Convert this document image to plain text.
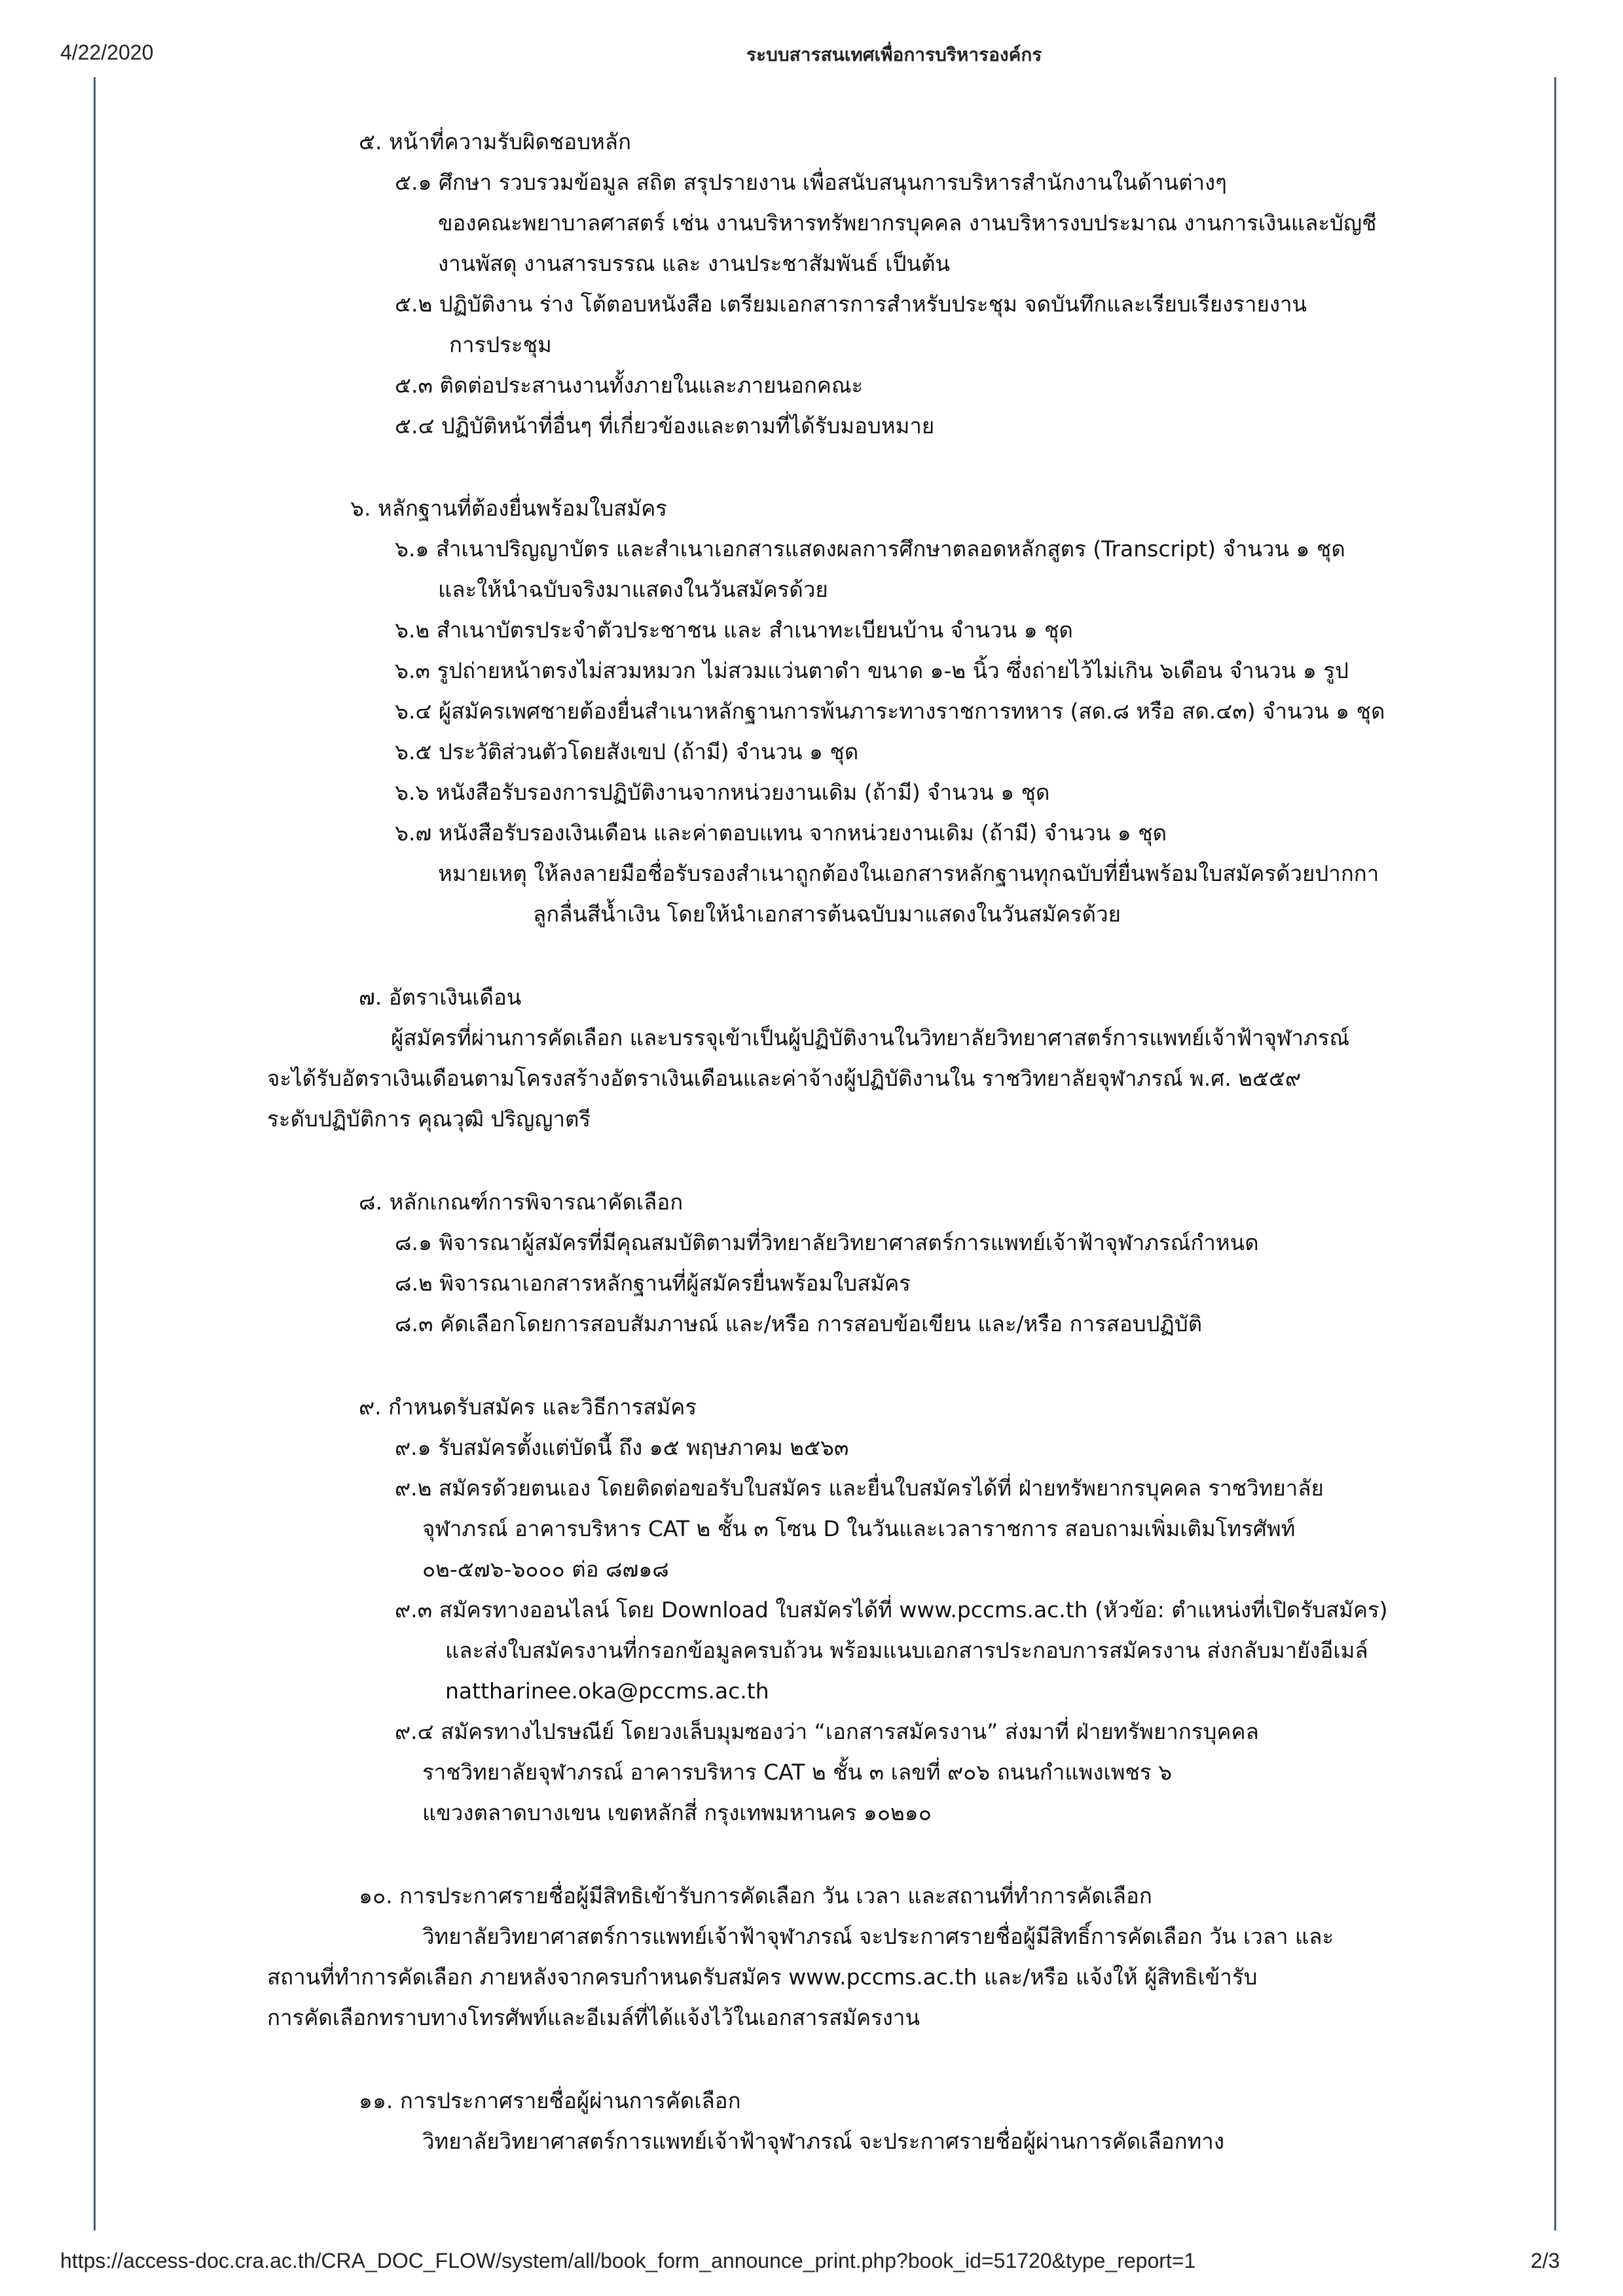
4/22/2020	ระบบสารสนเทศเพื่อการบริหารองค์กร
๕. หน้าที่ความรับผิดชอบหลัก
๕.๑ ศึกษา รวบรวมข้อมูล สถิต สรุปรายงาน เพื่อสนับสนุนการบริหารสำนักงานในด้านต่างๆ
ของคณะพยาบาลศาสตร์ เช่น งานบริหารทรัพยากรบุคคล งานบริหารงบประมาณ งานการเงินและบัญชี
งานพัสดุ งานสารบรรณ และ งานประชาสัมพันธ์ เป็นต้น
๕.๒ ปฏิบัติงาน ร่าง โต้ตอบหนังสือ เตรียมเอกสารการสำหรับประชุม จดบันทึกและเรียบเรียงรายงาน
การประชุม
๕.๓ ติดต่อประสานงานทั้งภายในและภายนอกคณะ
๕.๔ ปฏิบัติหน้าที่อื่นๆ ที่เกี่ยวข้องและตามที่ได้รับมอบหมาย
๖. หลักฐานที่ต้องยื่นพร้อมใบสมัคร
๖.๑ สำเนาปริญญาบัตร และสำเนาเอกสารแสดงผลการศึกษาตลอดหลักสูตร (Transcript) จำนวน ๑ ชุด
และให้นำฉบับจริงมาแสดงในวันสมัครด้วย
๖.๒ สำเนาบัตรประจำตัวประชาชน และ สำเนาทะเบียนบ้าน จำนวน ๑ ชุด
๖.๓ รูปถ่ายหน้าตรงไม่สวมหมวก ไม่สวมแว่นตาดำ ขนาด ๑-๒ นิ้ว ซึ่งถ่ายไว้ไม่เกิน ๖เดือน จำนวน ๑ รูป
๖.๔ ผู้สมัครเพศชายต้องยื่นสำเนาหลักฐานการพ้นภาระทางราชการทหาร (สด.๘ หรือ สด.๔๓) จำนวน ๑ ชุด
๖.๕ ประวัติส่วนตัวโดยสังเขป (ถ้ามี) จำนวน ๑ ชุด
๖.๖ หนังสือรับรองการปฏิบัติงานจากหน่วยงานเดิม (ถ้ามี) จำนวน ๑ ชุด
๖.๗ หนังสือรับรองเงินเดือน และค่าตอบแทน จากหน่วยงานเดิม (ถ้ามี) จำนวน ๑ ชุด
หมายเหตุ ให้ลงลายมือชื่อรับรองสำเนาถูกต้องในเอกสารหลักฐานทุกฉบับที่ยื่นพร้อมใบสมัครด้วยปากกา
ลูกลื่นสีน้ำเงิน โดยให้นำเอกสารต้นฉบับมาแสดงในวันสมัครด้วย
๗. อัตราเงินเดือน
ผู้สมัครที่ผ่านการคัดเลือก และบรรจุเข้าเป็นผู้ปฏิบัติงานในวิทยาลัยวิทยาศาสตร์การแพทย์เจ้าฟ้าจุฬาภรณ์
จะได้รับอัตราเงินเดือนตามโครงสร้างอัตราเงินเดือนและค่าจ้างผู้ปฏิบัติงานใน ราชวิทยาลัยจุฬาภรณ์ พ.ศ. ๒๕๕๙
ระดับปฏิบัติการ คุณวุฒิ ปริญญาตรี
๘. หลักเกณฑ์การพิจารณาคัดเลือก
๘.๑ พิจารณาผู้สมัครที่มีคุณสมบัติตามที่วิทยาลัยวิทยาศาสตร์การแพทย์เจ้าฟ้าจุฬาภรณ์กำหนด
๘.๒ พิจารณาเอกสารหลักฐานที่ผู้สมัครยื่นพร้อมใบสมัคร
๘.๓ คัดเลือกโดยการสอบสัมภาษณ์ และ/หรือ การสอบข้อเขียน และ/หรือ การสอบปฏิบัติ
๙. กำหนดรับสมัคร และวิธีการสมัคร
๙.๑ รับสมัครตั้งแต่บัดนี้ ถึง ๑๕ พฤษภาคม ๒๕๖๓
๙.๒ สมัครด้วยตนเอง โดยติดต่อขอรับใบสมัคร และยื่นใบสมัครได้ที่ ฝ่ายทรัพยากรบุคคล ราชวิทยาลัย
จุฬาภรณ์ อาคารบริหาร CAT ๒ ชั้น ๓ โซน D ในวันและเวลาราชการ สอบถามเพิ่มเติมโทรศัพท์
๐๒-๕๗๖-๖๐๐๐ ต่อ ๘๗๑๘
๙.๓ สมัครทางออนไลน์ โดย Download ใบสมัครได้ที่ www.pccms.ac.th (หัวข้อ: ตำแหน่งที่เปิดรับสมัคร)
และส่งใบสมัครงานที่กรอกข้อมูลครบถ้วน พร้อมแนบเอกสารประกอบการสมัครงาน ส่งกลับมายังอีเมล์
nattharinee.oka@pccms.ac.th
๙.๔ สมัครทางไปรษณีย์ โดยวงเล็บมุมซองว่า “เอกสารสมัครงาน” ส่งมาที่ ฝ่ายทรัพยากรบุคคล
ราชวิทยาลัยจุฬาภรณ์ อาคารบริหาร CAT ๒ ชั้น ๓ เลขที่ ๙๐๖ ถนนกำแพงเพชร ๖
แขวงตลาดบางเขน เขตหลักสี่ กรุงเทพมหานคร ๑๐๒๑๐
๑๐. การประกาศรายชื่อผู้มีสิทธิเข้ารับการคัดเลือก วัน เวลา และสถานที่ทำการคัดเลือก
วิทยาลัยวิทยาศาสตร์การแพทย์เจ้าฟ้าจุฬาภรณ์ จะประกาศรายชื่อผู้มีสิทธิ์การคัดเลือก วัน เวลา และ
สถานที่ทำการคัดเลือก ภายหลังจากครบกำหนดรับสมัคร www.pccms.ac.th และ/หรือ แจ้งให้ ผู้สิทธิเข้ารับ
การคัดเลือกทราบทางโทรศัพท์และอีเมล์ที่ได้แจ้งไว้ในเอกสารสมัครงาน
๑๑. การประกาศรายชื่อผู้ผ่านการคัดเลือก
วิทยาลัยวิทยาศาสตร์การแพทย์เจ้าฟ้าจุฬาภรณ์ จะประกาศรายชื่อผู้ผ่านการคัดเลือกทาง
https://access-doc.cra.ac.th/CRA_DOC_FLOW/system/all/book_form_announce_print.php?book_id=51720&type_report=1	2/3
